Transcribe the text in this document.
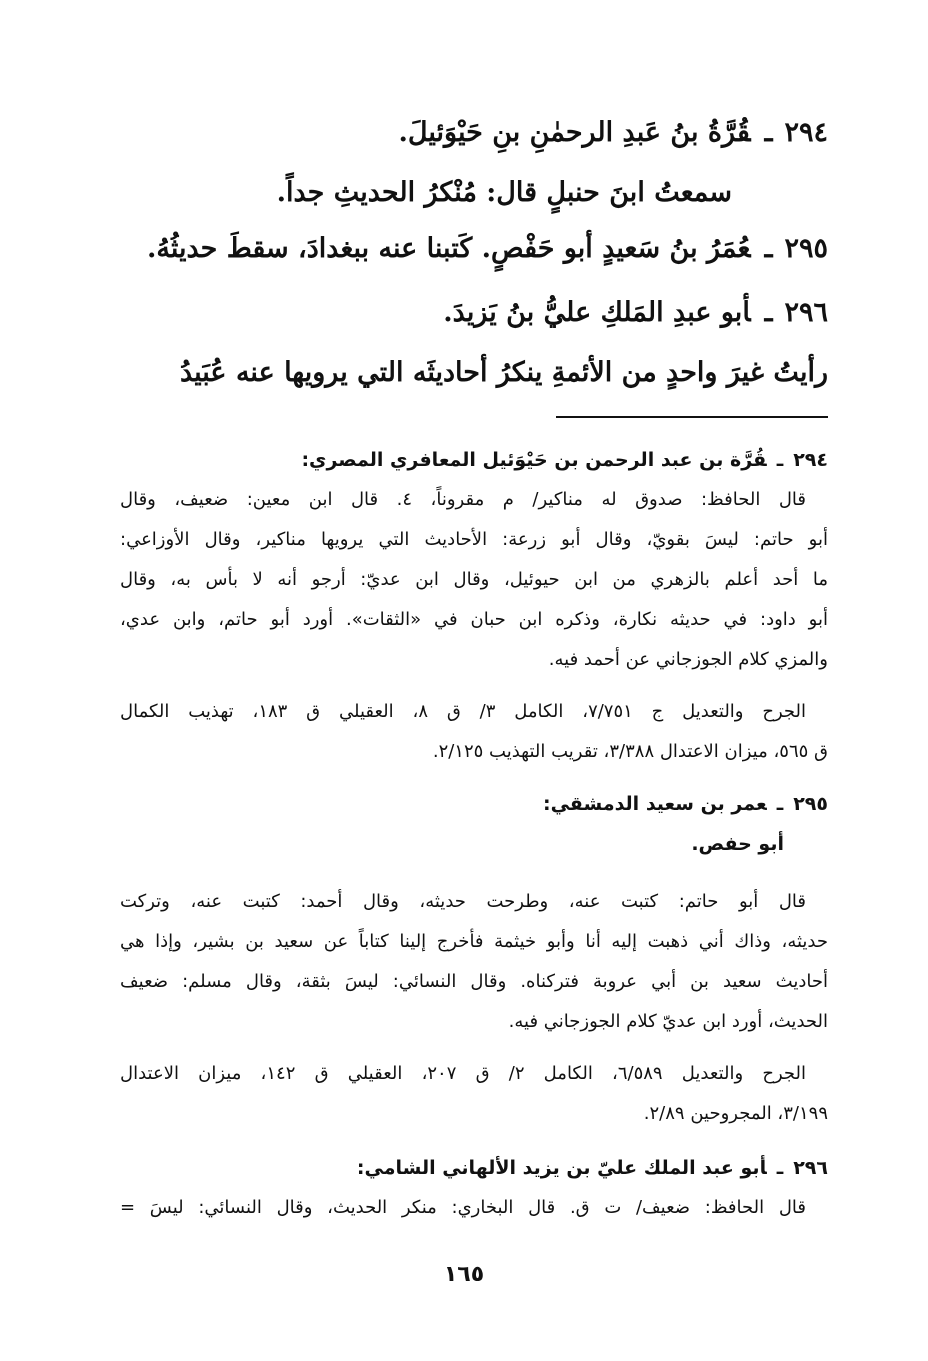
٢٩٤ـقُرَّةُ بنُ عَبدِ الرحمٰنِ بنِ حَيْوَئيلَ.
سمعتُ ابنَ حنبلٍ قال: مُنْكرُ الحديثِ جداً.
٢٩٥ـعُمَرُ بنُ سَعيدٍ أبو حَفْصٍ. كَتبنا عنه ببغدادَ، سقطَ حديثُهُ.
٢٩٦ـأبو عبدِ المَلكِ عليُّ بنُ يَزيدَ.
رأيتُ غيرَ واحدٍ من الأئمةِ ينكرُ أحاديثَه التي يرويها عنه عُبَيدُ
٢٩٤ـقُرَّة بن عبد الرحمن بن حَيْوَئيل المعافري المصري:
قال الحافظ: صدوق له مناكير/ م مقروناً، ٤. قال ابن معين: ضعيف، وقال
أبو حاتم: ليسَ بقويّ، وقال أبو زرعة: الأحاديث التي يرويها مناكير، وقال الأوزاعي:
ما أحد أعلم بالزهري من ابن حيوئيل، وقال ابن عديّ: أرجو أنه لا بأس به، وقال
أبو داود: في حديثه نكارة، وذكره ابن حبان في «الثقات». أورد أبو حاتم، وابن عدي،
والمزي كلام الجوزجاني عن أحمد فيه.
الجرح والتعديل ج ٧/٧٥١، الكامل ٣/ ق ٨، العقيلي ق ١٨٣، تهذيب الكمال
ق ٥٦٥، ميزان الاعتدال ٣/٣٨٨، تقريب التهذيب ٢/١٢٥.
٢٩٥ـعمر بن سعيد الدمشقي:
أبو حفص.
قال أبو حاتم: كتبت عنه، وطرحت حديثه، وقال أحمد: كتبت عنه، وتركت
حديثه، وذاك أني ذهبت إليه أنا وأبو خيثمة فأخرج إلينا كتاباً عن سعيد بن بشير، وإذا هي
أحاديث سعيد بن أبي عروبة فتركناه. وقال النسائي: ليسَ بثقة، وقال مسلم: ضعيف
الحديث، أورد ابن عديّ كلام الجوزجاني فيه.
الجرح والتعديل ٦/٥٨٩، الكامل ٢/ ق ٢٠٧، العقيلي ق ١٤٢، ميزان الاعتدال
٣/١٩٩، المجروحين ٢/٨٩.
٢٩٦ـأبو عبد الملك عليّ بن يزيد الألهاني الشامي:
قال الحافظ: ضعيف/ ت ق. قال البخاري: منكر الحديث، وقال النسائي: ليسَ =
١٦٥
